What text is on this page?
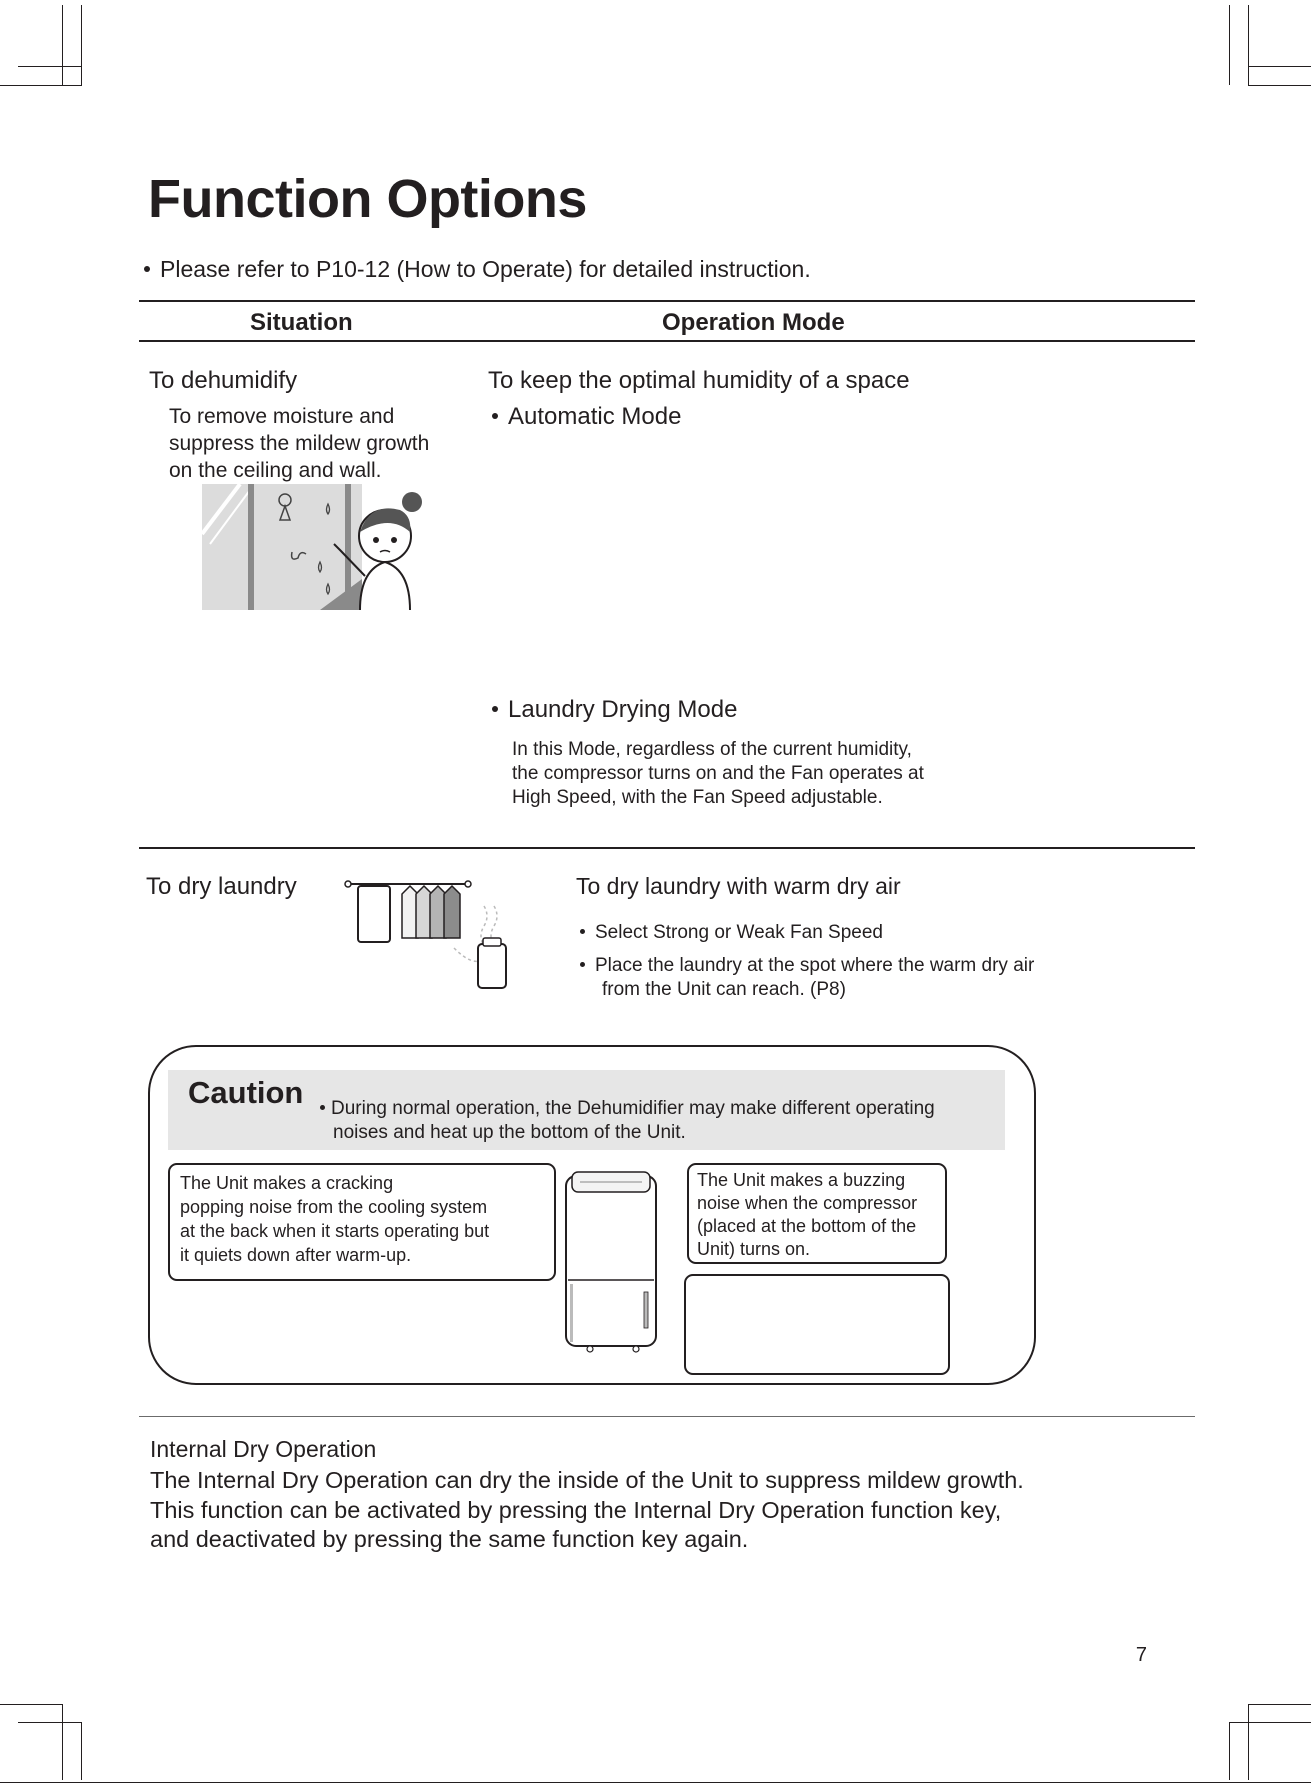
Function Options
Please refer to P10-12 (How to Operate) for detailed instruction.
Situation	Operation Mode
To dehumidify
To remove moisture and
suppress the mildew growth
on the ceiling and wall.
To keep the optimal humidity of a space
Automatic Mode
Laundry Drying Mode
In this Mode, regardless of the current humidity,
the compressor turns on and the Fan operates at
High Speed, with the Fan Speed adjustable.
To dry laundry	To dry laundry with warm dry air
Select Strong or Weak Fan Speed
Place the laundry at the spot where the warm dry air
from the Unit can reach. (P8)
Caution During normal operation, the Dehumidifier may make different operating
noises and heat up the bottom of the Unit.
The Unit makes a cracking
popping noise from the cooling system
at the back when it starts operating but
it quiets down after warm-up.
The Unit makes a buzzing
noise when the compressor
(placed at the bottom of the
Unit) turns on.
Internal Dry Operation
The Internal Dry Operation can dry the inside of the Unit to suppress mildew growth.
This function can be activated by pressing the Internal Dry Operation function key,
and deactivated by pressing the same function key again.
7
